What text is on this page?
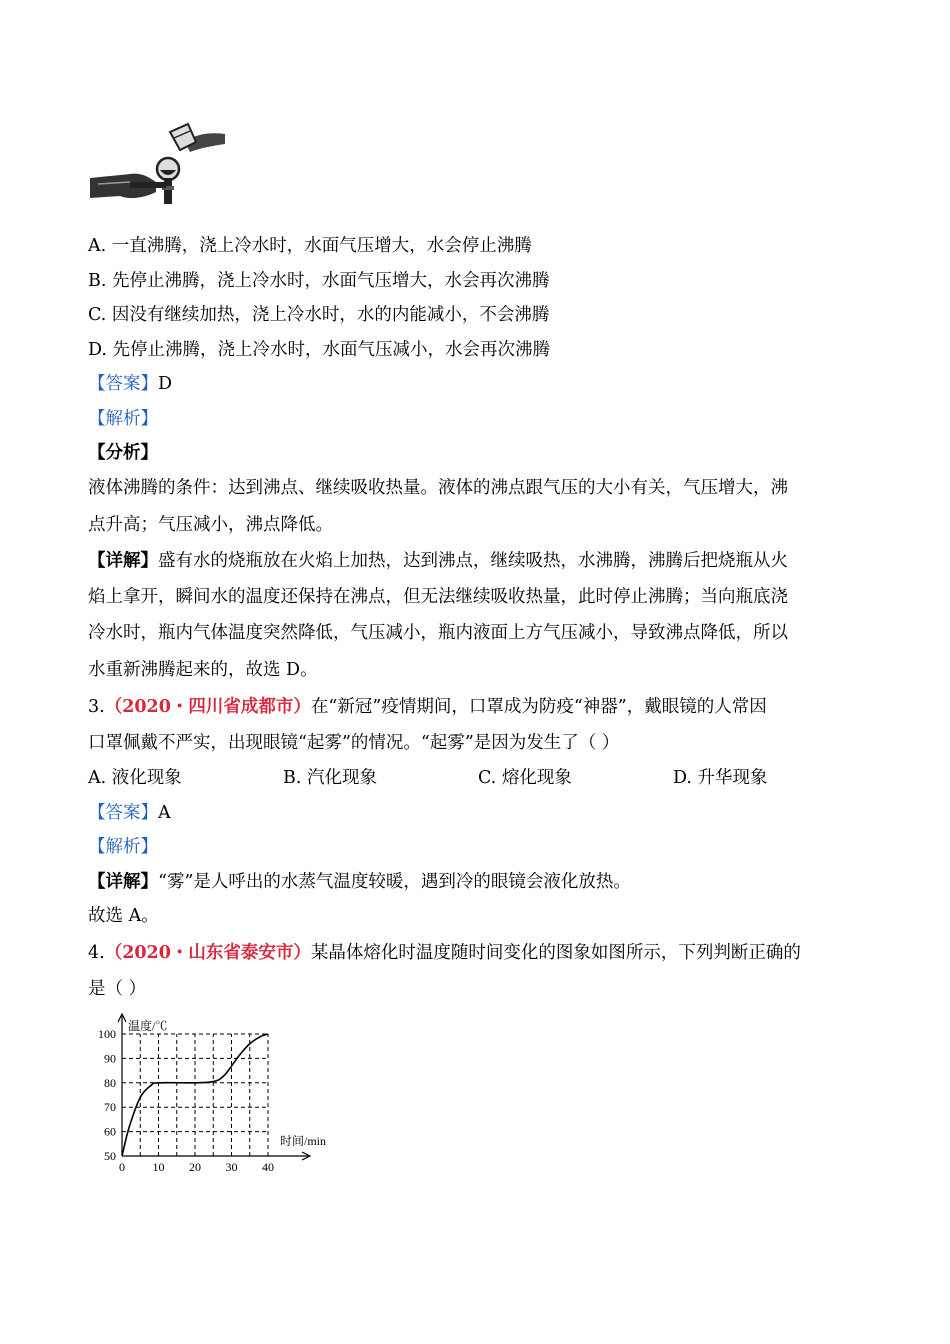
A. 一直沸腾，浇上冷水时，水面气压增大，水会停止沸腾
B. 先停止沸腾，浇上冷水时，水面气压增大，水会再次沸腾
C. 因没有继续加热，浇上冷水时，水的内能减小，不会沸腾
D. 先停止沸腾，浇上冷水时，水面气压减小，水会再次沸腾
【答案】D
【解析】
【分析】
液体沸腾的条件：达到沸点、继续吸收热量。液体的沸点跟气压的大小有关，气压增大，沸
点升高；气压减小，沸点降低。
【详解】盛有水的烧瓶放在火焰上加热，达到沸点，继续吸热，水沸腾，沸腾后把烧瓶从火
焰上拿开，瞬间水的温度还保持在沸点，但无法继续吸收热量，此时停止沸腾；当向瓶底浇
冷水时，瓶内气体温度突然降低，气压减小，瓶内液面上方气压减小，导致沸点降低，所以
水重新沸腾起来的，故选 D。
3.（2020・四川省成都市）在“新冠”疫情期间，口罩成为防疫“神器”，戴眼镜的人常因
口罩佩戴不严实，出现眼镜“起雾”的情况。“起雾”是因为发生了（ ）
A. 液化现象	B. 汽化现象	C. 熔化现象	D. 升华现象
【答案】A
【解析】
【详解】“雾”是人呼出的水蒸气温度较暖，遇到冷的眼镜会液化放热。
故选 A。
4.（2020・山东省泰安市）某晶体熔化时温度随时间变化的图象如图所示，下列判断正确的
是（ ）
0 10 20 30 40
50
60
70
80
90
100
温度/℃
时间/min
